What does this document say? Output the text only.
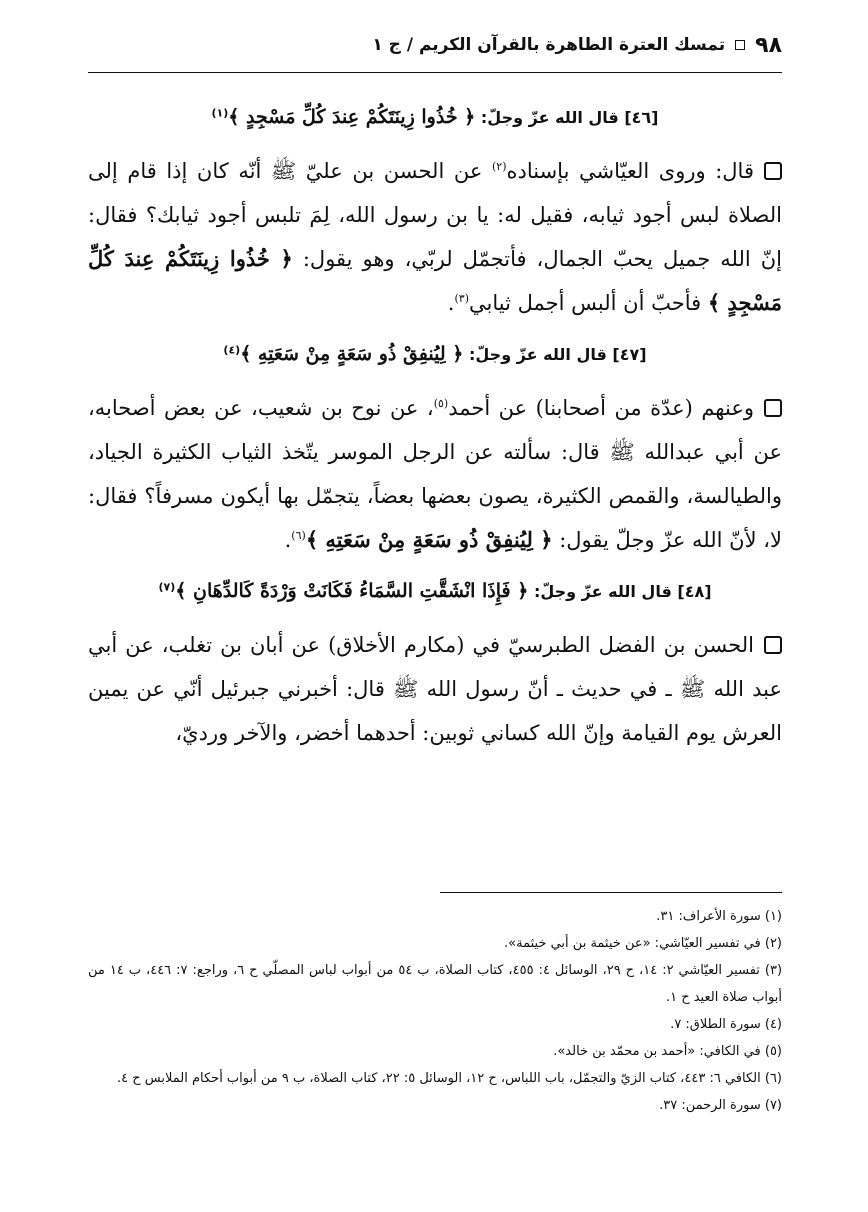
٩٨
تمسك العترة الطاهرة بالقرآن الكريم / ج ١
[٤٦] قال الله عزّ وجلّ: ﴿ خُذُوا زِينَتَكُمْ عِندَ كُلِّ مَسْجِدٍ ﴾$^{(١)}$

قال: وروى العيّاشي بإسناده$^{(٢)}$ عن الحسن بن عليّ ﷺ أنّه كان إذا قام إلى الصلاة لبس أجود ثيابه، فقيل له: يا بن رسول الله، لِمَ تلبس أجود ثيابك؟ فقال: إنّ الله جميل يحبّ الجمال، فأتجمّل لربّي، وهو يقول: ﴿ خُذُوا زِينَتَكُمْ عِندَ كُلِّ مَسْجِدٍ ﴾ فأحبّ أن ألبس أجمل ثيابي$^{(٣)}$.

[٤٧] قال الله عزّ وجلّ: ﴿ لِيُنفِقْ ذُو سَعَةٍ مِنْ سَعَتِهِ ﴾$^{(٤)}$

وعنهم (عدّة من أصحابنا) عن أحمد$^{(٥)}$، عن نوح بن شعيب، عن بعض أصحابه، عن أبي عبدالله ﷺ قال: سألته عن الرجل الموسر يتّخذ الثياب الكثيرة الجياد، والطيالسة، والقمص الكثيرة، يصون بعضها بعضاً، يتجمّل بها أيكون مسرفاً؟ فقال: لا، لأنّ الله عزّ وجلّ يقول: ﴿ لِيُنفِقْ ذُو سَعَةٍ مِنْ سَعَتِهِ ﴾$^{(٦)}$.

[٤٨] قال الله عزّ وجلّ: ﴿ فَإِذَا انْشَقَّتِ السَّمَاءُ فَكَانَتْ وَرْدَةً كَالدِّهَانِ ﴾$^{(٧)}$

الحسن بن الفضل الطبرسيّ في (مكارم الأخلاق) عن أبان بن تغلب، عن أبي عبد الله ﷺ ـ في حديث ـ أنّ رسول الله ﷺ قال: أخبرني جبرئيل أنّي عن يمين العرش يوم القيامة وإنّ الله كساني ثوبين: أحدهما أخضر، والآخر ورديّ،

(١) سورة الأعراف: ٣١.

(٢) في تفسير العيّاشي: «عن خيثمة بن أبي خيثمة».

(٣) تفسير العيّاشي ٢: ١٤، ح ٢٩، الوسائل ٤: ٤٥٥، كتاب الصلاة، ب ٥٤ من أبواب لباس المصلّي ح ٦، وراجع: ٧: ٤٤٦، ب ١٤ من أبواب صلاة العيد ح ١.

(٤) سورة الطلاق: ٧.

(٥) في الكافي: «أحمد بن محمّد بن خالد».

(٦) الكافي ٦: ٤٤٣، كتاب الزيّ والتجمّل، باب اللباس، ح ١٢، الوسائل ٥: ٢٢، كتاب الصلاة، ب ٩ من أبواب أحكام الملابس ح ٤.

(٧) سورة الرحمن: ٣٧.
